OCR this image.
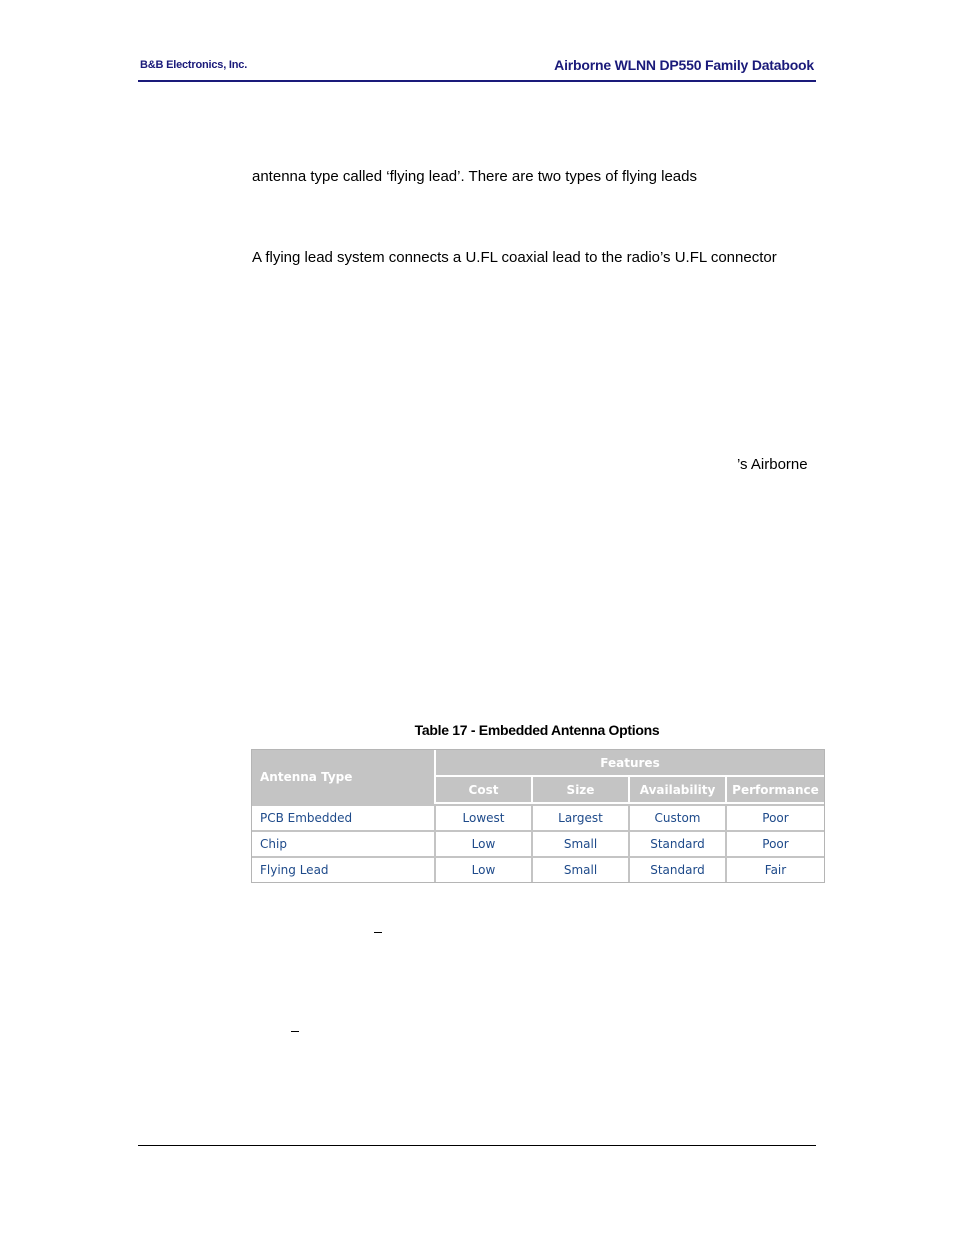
B&B Electronics, Inc.	Airborne WLNN DP550 Family Databook
antenna type called ‘flying lead’. There are two types of flying leads
A flying lead system connects a U.FL coaxial lead to the radio’s U.FL connector
’s Airborne
Table 17 - Embedded Antenna Options
Antenna Type	Features			
	Cost	Size	Availability	Performance
PCB Embedded	Lowest	Largest	Custom	Poor
Chip	Low	Small	Standard	Poor
Flying Lead	Low	Small	Standard	Fair
